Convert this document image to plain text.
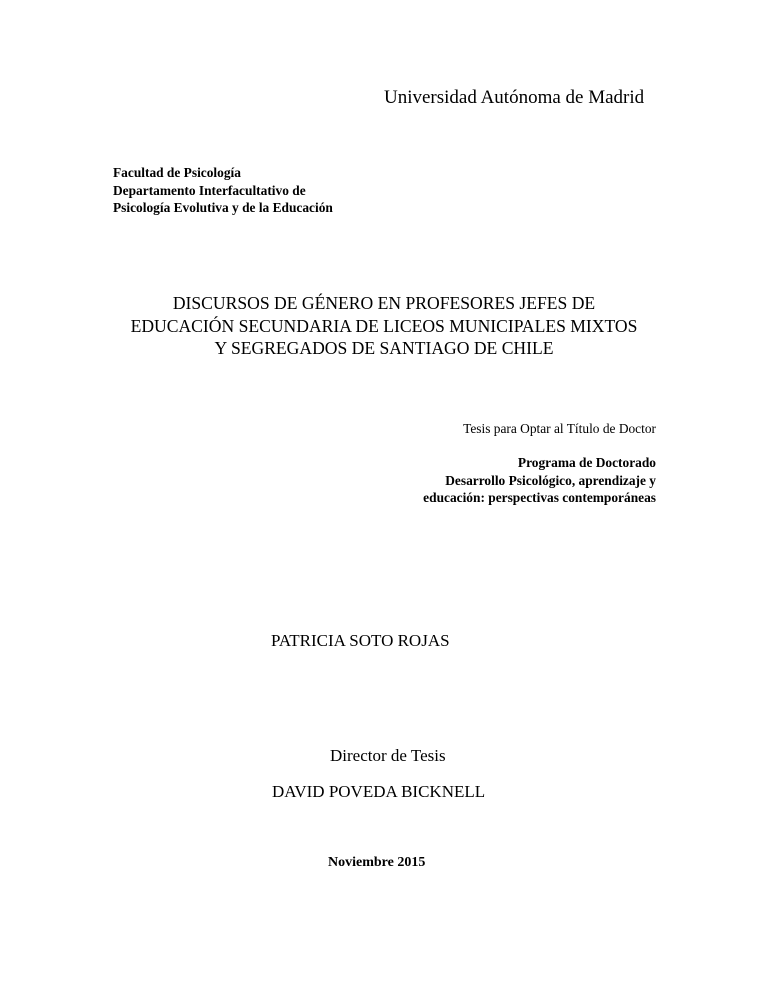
Universidad Autónoma de Madrid
Facultad de Psicología
Departamento Interfacultativo de
Psicología Evolutiva y de la Educación
DISCURSOS DE GÉNERO EN PROFESORES JEFES DE
EDUCACIÓN SECUNDARIA DE LICEOS MUNICIPALES MIXTOS
Y SEGREGADOS DE SANTIAGO DE CHILE
Tesis para Optar al Título de Doctor
Programa de Doctorado
Desarrollo Psicológico, aprendizaje y
educación: perspectivas contemporáneas
PATRICIA SOTO ROJAS
Director de Tesis
DAVID POVEDA BICKNELL
Noviembre 2015
